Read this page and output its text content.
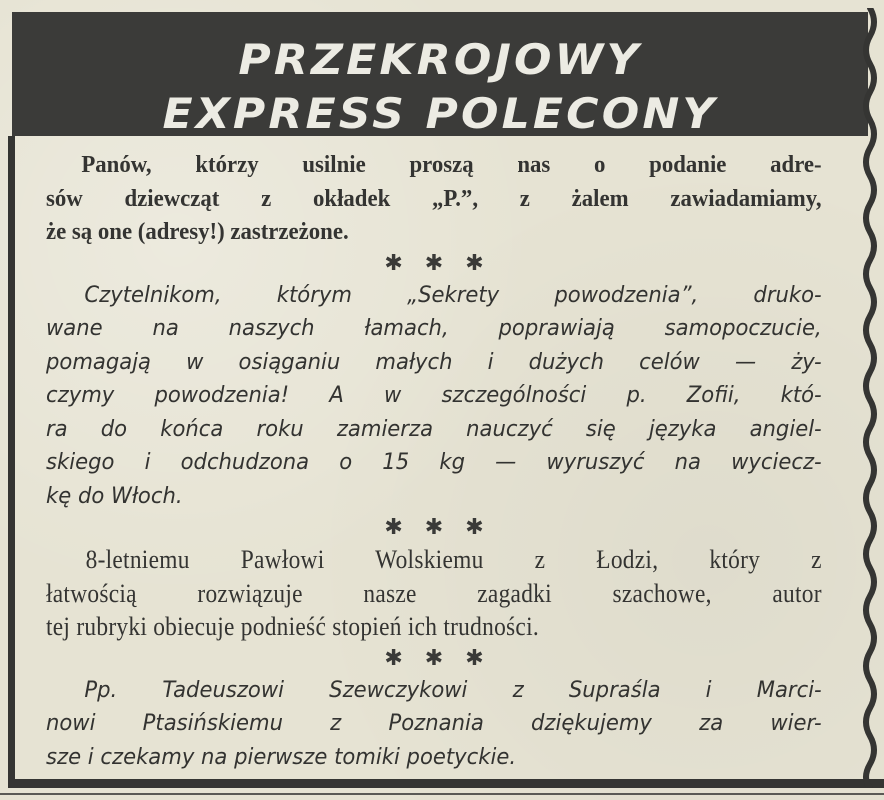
PRZEKROJOWY
EXPRESS POLECONY

Panów, którzy usilnie proszą nas o podanie adre-
sów dziewcząt z okładek „P.”, z żalem zawiadamiamy,
że są one (adresy!) zastrzeżone.

✱✱✱

Czytelnikom, którym „Sekrety powodzenia”, druko-
wane na naszych łamach, poprawiają samopoczucie,
pomagają w osiąganiu małych i dużych celów — ży-
czymy powodzenia! A w szczególności p. Zofii, któ-
ra do końca roku zamierza nauczyć się języka angiel-
skiego i odchudzona o 15 kg — wyruszyć na wyciecz-
kę do Włoch.

✱✱✱

8-letniemu Pawłowi Wolskiemu z Łodzi, który z
łatwością rozwiązuje nasze zagadki szachowe, autor
tej rubryki obiecuje podnieść stopień ich trudności.

✱✱✱

Pp. Tadeuszowi Szewczykowi z Supraśla i Marci-
nowi Ptasińskiemu z Poznania dziękujemy za wier-
sze i czekamy na pierwsze tomiki poetyckie.
